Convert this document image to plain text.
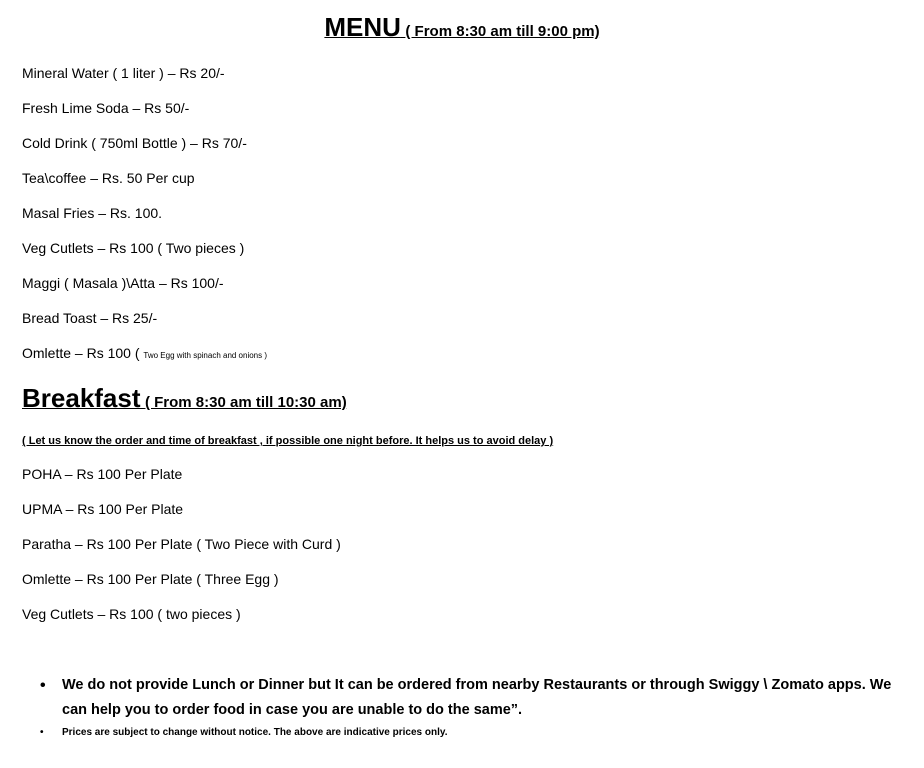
MENU ( From 8:30 am till 9:00 pm)
Mineral Water ( 1 liter ) – Rs 20/-
Fresh Lime Soda – Rs 50/-
Cold Drink ( 750ml Bottle ) – Rs 70/-
Tea\coffee – Rs. 50 Per cup
Masal Fries – Rs. 100.
Veg Cutlets – Rs 100 ( Two pieces )
Maggi ( Masala )\Atta – Rs 100/-
Bread Toast – Rs 25/-
Omlette – Rs 100 ( Two Egg with spinach and onions )
Breakfast ( From 8:30 am till 10:30 am)
( Let us know the order and time of breakfast , if possible one night before. It helps us to avoid delay )
POHA – Rs 100 Per Plate
UPMA – Rs 100 Per Plate
Paratha – Rs 100 Per Plate ( Two Piece with Curd )
Omlette – Rs 100 Per Plate ( Three Egg )
Veg Cutlets – Rs 100 ( two pieces )
• We do not provide Lunch or Dinner but It can be ordered from nearby Restaurants or through Swiggy \ Zomato apps. We can help you to order food in case you are unable to do the same”.
• Prices are subject to change without notice. The above are indicative prices only.
